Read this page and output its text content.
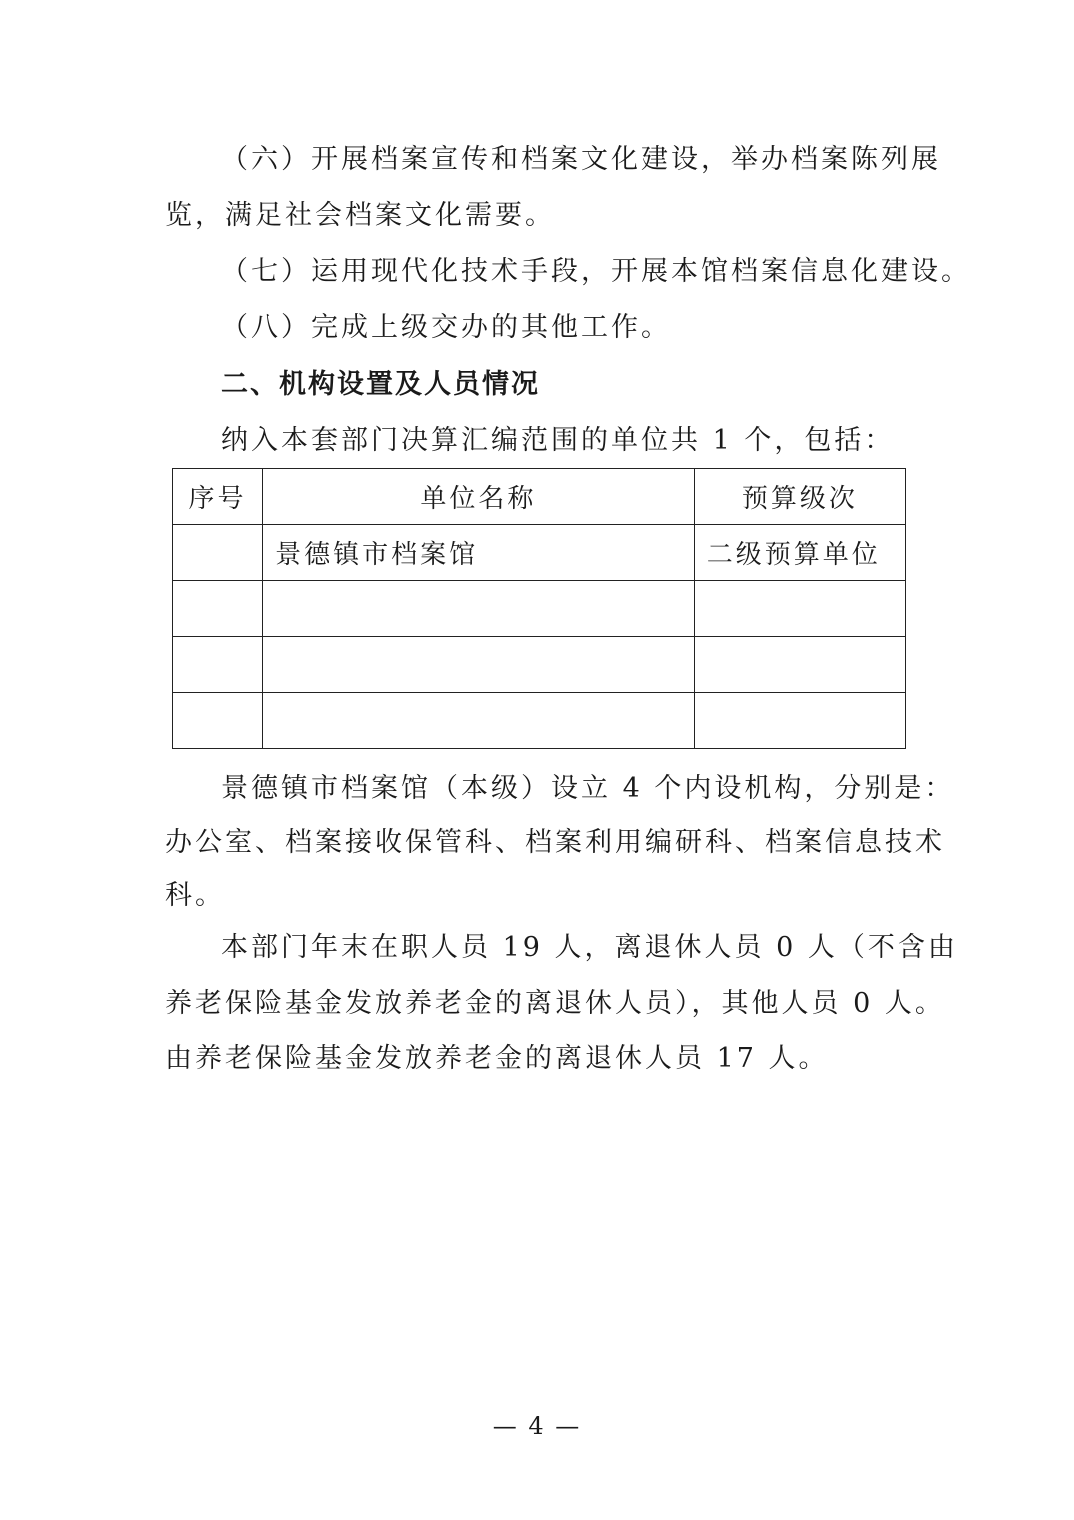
（六）开展档案宣传和档案文化建设，举办档案陈列展
览，满足社会档案文化需要。
（七）运用现代化技术手段，开展本馆档案信息化建设。
（八）完成上级交办的其他工作。
二、机构设置及人员情况
纳入本套部门决算汇编范围的单位共 1 个，包括：
序号	单位名称	预算级次
	景德镇市档案馆	二级预算单位

景德镇市档案馆（本级）设立 4 个内设机构，分别是：
办公室、档案接收保管科、档案利用编研科、档案信息技术
科。
本部门年末在职人员 19 人，离退休人员 0 人（不含由
养老保险基金发放养老金的离退休人员），其他人员 0 人。
由养老保险基金发放养老金的离退休人员 17 人。
— 4 —
